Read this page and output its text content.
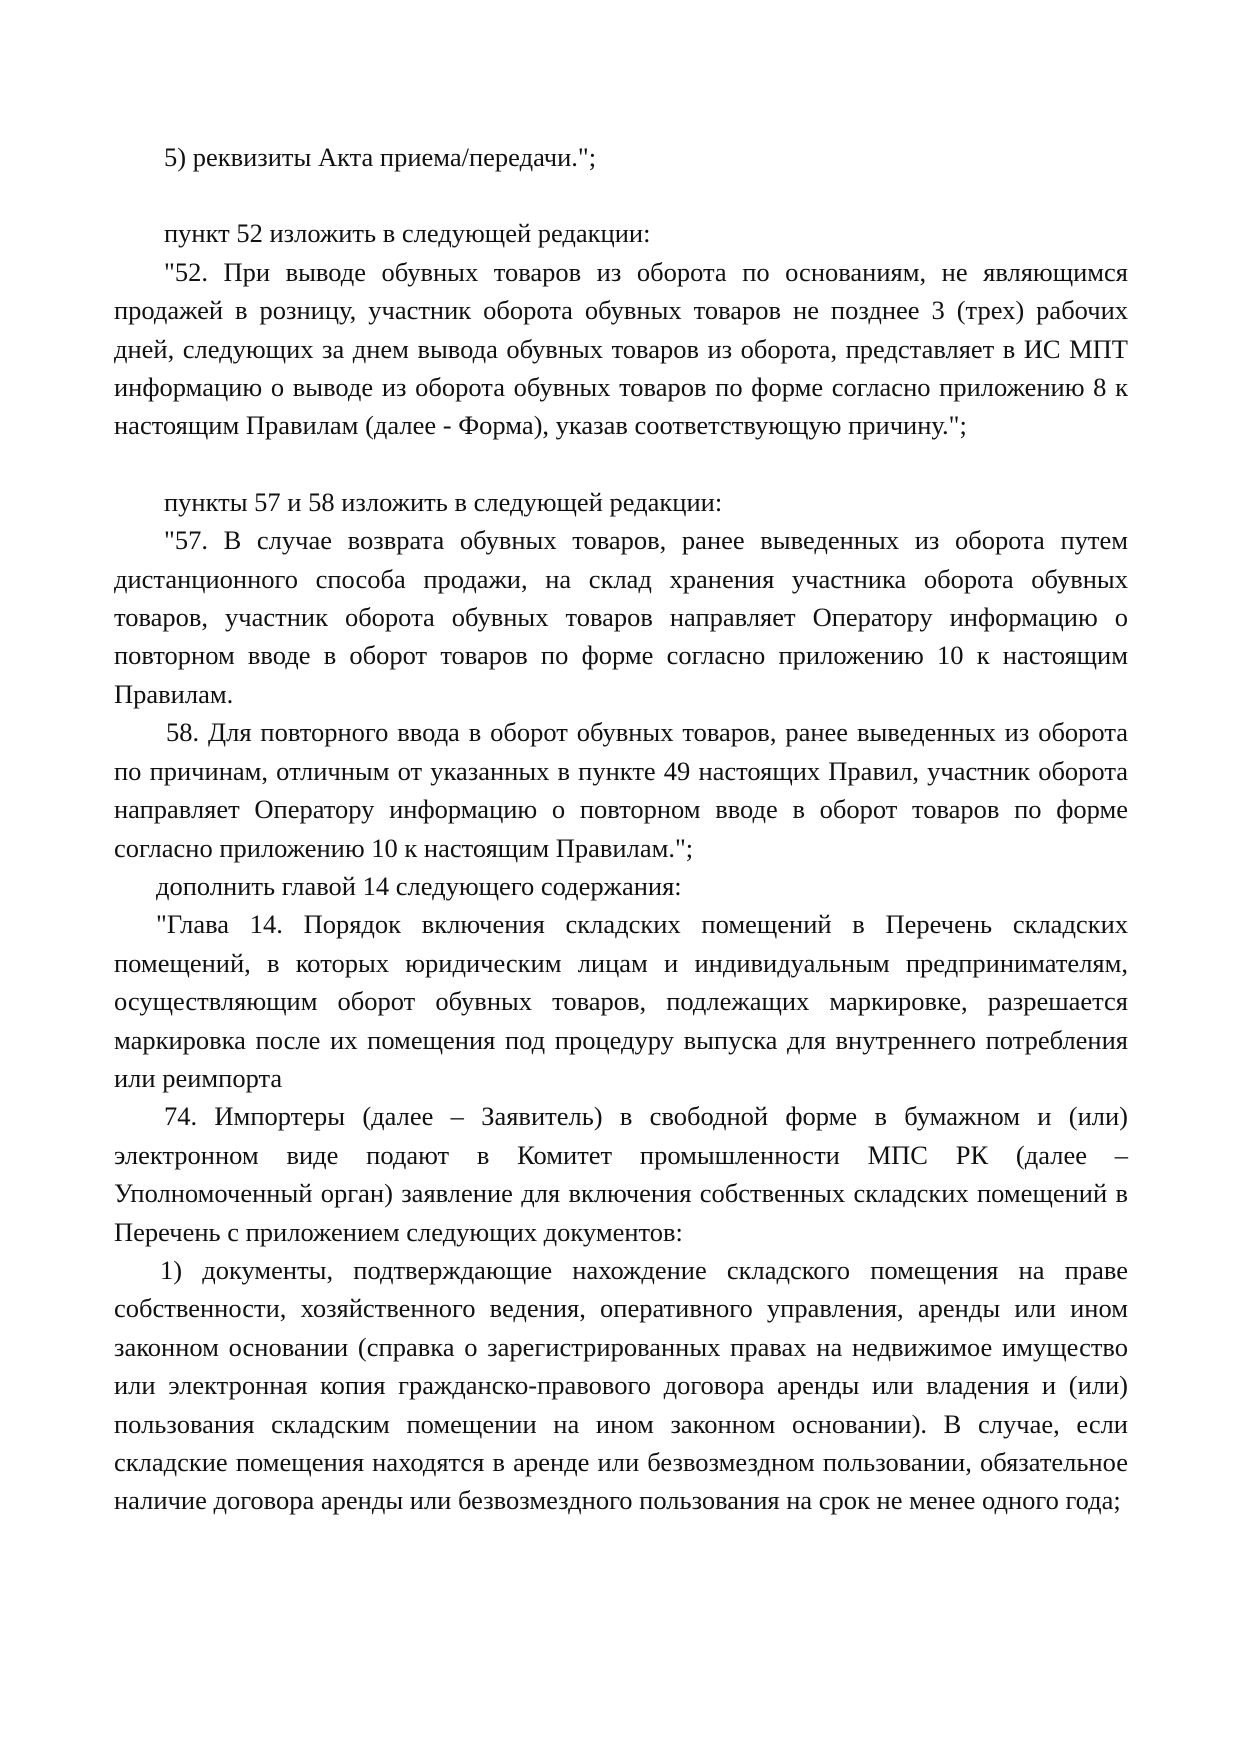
5) реквизиты Акта приема/передачи.";

пункт 52 изложить в следующей редакции:

"52. При выводе обувных товаров из оборота по основаниям, не являющимся продажей в розницу, участник оборота обувных товаров не позднее 3 (трех) рабочих дней, следующих за днем вывода обувных товаров из оборота, представляет в ИС МПТ информацию о выводе из оборота обувных товаров по форме согласно приложению 8 к настоящим Правилам (далее - Форма), указав соответствующую причину.";

пункты 57 и 58 изложить в следующей редакции:

"57. В случае возврата обувных товаров, ранее выведенных из оборота путем дистанционного способа продажи, на склад хранения участника оборота обувных товаров, участник оборота обувных товаров направляет Оператору информацию о повторном вводе в оборот товаров по форме согласно приложению 10 к настоящим Правилам.

58. Для повторного ввода в оборот обувных товаров, ранее выведенных из оборота по причинам, отличным от указанных в пункте 49 настоящих Правил, участник оборота направляет Оператору информацию о повторном вводе в оборот товаров по форме согласно приложению 10 к настоящим Правилам.";

дополнить главой 14 следующего содержания:

"Глава 14. Порядок включения складских помещений в Перечень складских помещений, в которых юридическим лицам и индивидуальным предпринимателям, осуществляющим оборот обувных товаров, подлежащих маркировке, разрешается маркировка после их помещения под процедуру выпуска для внутреннего потребления или реимпорта

74. Импортеры (далее – Заявитель) в свободной форме в бумажном и (или) электронном виде подают в Комитет промышленности МПС РК (далее – Уполномоченный орган) заявление для включения собственных складских помещений в Перечень с приложением следующих документов:

1) документы, подтверждающие нахождение складского помещения на праве собственности, хозяйственного ведения, оперативного управления, аренды или ином законном основании (справка о зарегистрированных правах на недвижимое имущество или электронная копия гражданско-правового договора аренды или владения и (или) пользования складским помещении на ином законном основании). В случае, если складские помещения находятся в аренде или безвозмездном пользовании, обязательное наличие договора аренды или безвозмездного пользования на срок не менее одного года;
